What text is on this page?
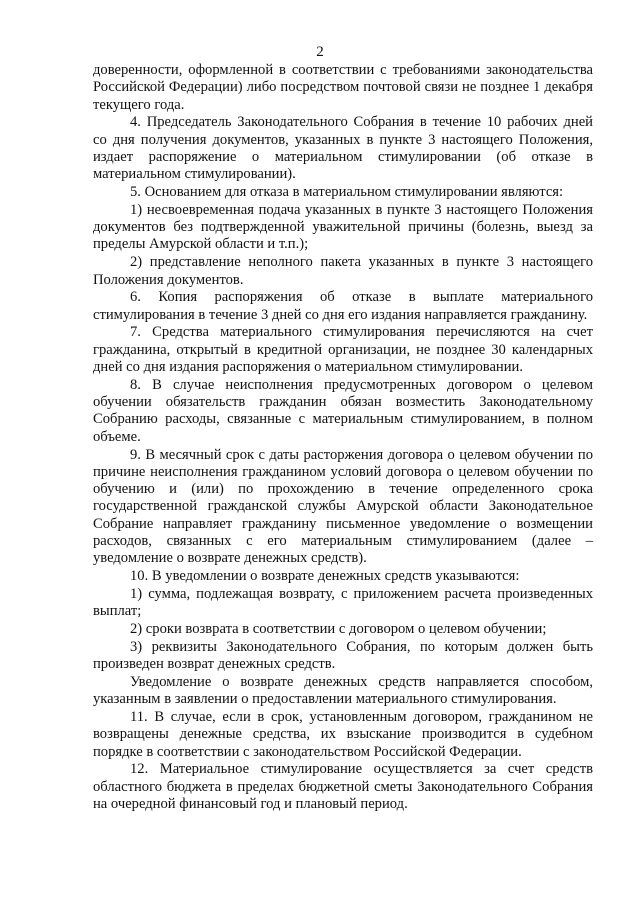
2

доверенности, оформленной в соответствии с требованиями законодательства Российской Федерации) либо посредством почтовой связи не позднее 1 декабря текущего года.

4. Председатель Законодательного Собрания в течение 10 рабочих дней со дня получения документов, указанных в пункте 3 настоящего Положения, издает распоряжение о материальном стимулировании (об отказе в материальном стимулировании).

5. Основанием для отказа в материальном стимулировании являются:

1) несвоевременная подача указанных в пункте 3 настоящего Положения документов без подтвержденной уважительной причины (болезнь, выезд за пределы Амурской области и т.п.);

2) представление неполного пакета указанных в пункте 3 настоящего Положения документов.

6. Копия распоряжения об отказе в выплате материального стимулирования в течение 3 дней со дня его издания направляется гражданину.

7. Средства материального стимулирования перечисляются на счет гражданина, открытый в кредитной организации, не позднее 30 календарных дней со дня издания распоряжения о материальном стимулировании.

8. В случае неисполнения предусмотренных договором о целевом обучении обязательств гражданин обязан возместить Законодательному Собранию расходы, связанные с материальным стимулированием, в полном объеме.

9. В месячный срок с даты расторжения договора о целевом обучении по причине неисполнения гражданином условий договора о целевом обучении по обучению и (или) по прохождению в течение определенного срока государственной гражданской службы Амурской области Законодательное Собрание направляет гражданину письменное уведомление о возмещении расходов, связанных с его материальным стимулированием (далее – уведомление о возврате денежных средств).

10. В уведомлении о возврате денежных средств указываются:

1) сумма, подлежащая возврату, с приложением расчета произведенных выплат;

2) сроки возврата в соответствии с договором о целевом обучении;

3) реквизиты Законодательного Собрания, по которым должен быть произведен возврат денежных средств.

Уведомление о возврате денежных средств направляется способом, указанным в заявлении о предоставлении материального стимулирования.

11. В случае, если в срок, установленным договором, гражданином не возвращены денежные средства, их взыскание производится в судебном порядке в соответствии с законодательством Российской Федерации.

12. Материальное стимулирование осуществляется за счет средств областного бюджета в пределах бюджетной сметы Законодательного Собрания на очередной финансовый год и плановый период.
